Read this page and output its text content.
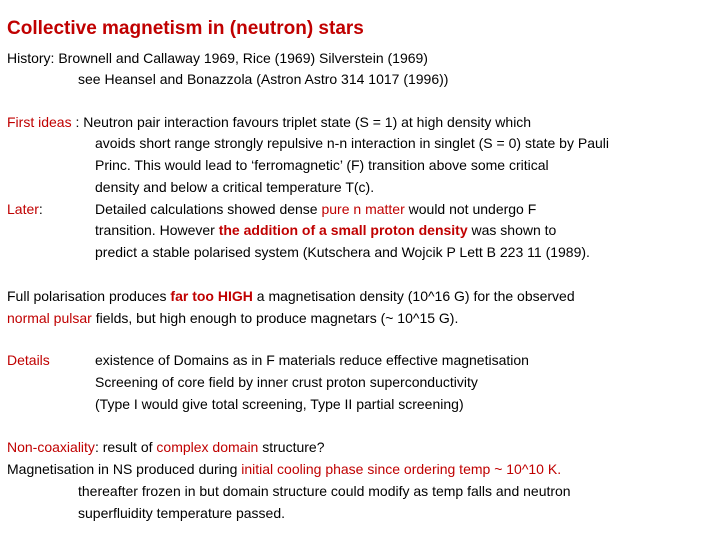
Collective magnetism in (neutron) stars
History: Brownell and Callaway 1969, Rice (1969) Silverstein (1969)
see Heansel and Bonazzola (Astron Astro 314 1017 (1996))
First ideas : Neutron pair interaction favours triplet state (S = 1) at high density which
avoids short range strongly repulsive n-n interaction in singlet (S = 0) state by Pauli
Princ. This would lead to ‘ferromagnetic’ (F) transition above some critical
density and below a critical temperature T(c).
Later:	Detailed calculations showed dense pure n matter would not undergo F
transition. However the addition of a small proton density was shown to
predict a stable polarised system (Kutschera and Wojcik P Lett B 223 11 (1989).
Full polarisation produces far too HIGH a magnetisation density (10^16 G) for the observed
normal pulsar fields, but high enough to produce magnetars (~ 10^15 G).
Details	existence of Domains as in F materials reduce effective magnetisation
Screening of core field by inner crust proton superconductivity
(Type I would give total screening, Type II partial screening)
Non-coaxiality: result of complex domain structure?
Magnetisation in NS produced during initial cooling phase since ordering temp ~ 10^10 K.
thereafter frozen in but domain structure could modify as temp falls and neutron
superfluidity temperature passed.
